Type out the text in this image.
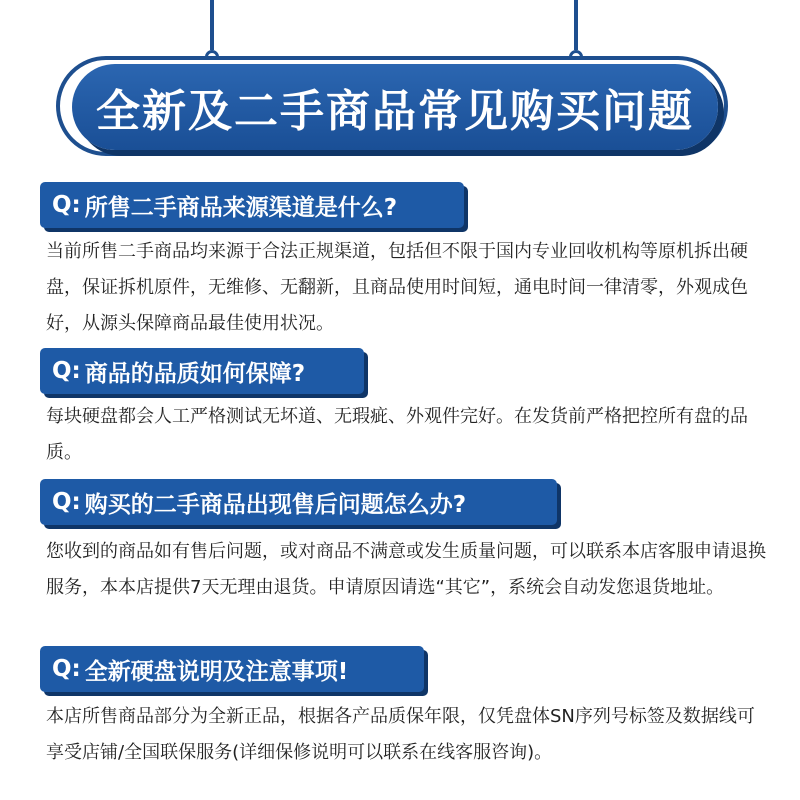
全新及二手商品常见购买问题
Q: 所售二手商品来源渠道是什么?
当前所售二手商品均来源于合法正规渠道，包括但不限于国内专业回收机构等原机拆出硬盘，保证拆机原件，无维修、无翻新，且商品使用时间短，通电时间一律清零，外观成色好，从源头保障商品最佳使用状况。
Q: 商品的品质如何保障?
每块硬盘都会人工严格测试无坏道、无瑕疵、外观件完好。在发货前严格把控所有盘的品质。
Q: 购买的二手商品出现售后问题怎么办?
您收到的商品如有售后问题，或对商品不满意或发生质量问题，可以联系本店客服申请退换服务，本本店提供7天无理由退货。申请原因请选“其它”，系统会自动发您退货地址。
Q: 全新硬盘说明及注意事项!
本店所售商品部分为全新正品，根据各产品质保年限，仅凭盘体SN序列号标签及数据线可享受店铺/全国联保服务(详细保修说明可以联系在线客服咨询)。
